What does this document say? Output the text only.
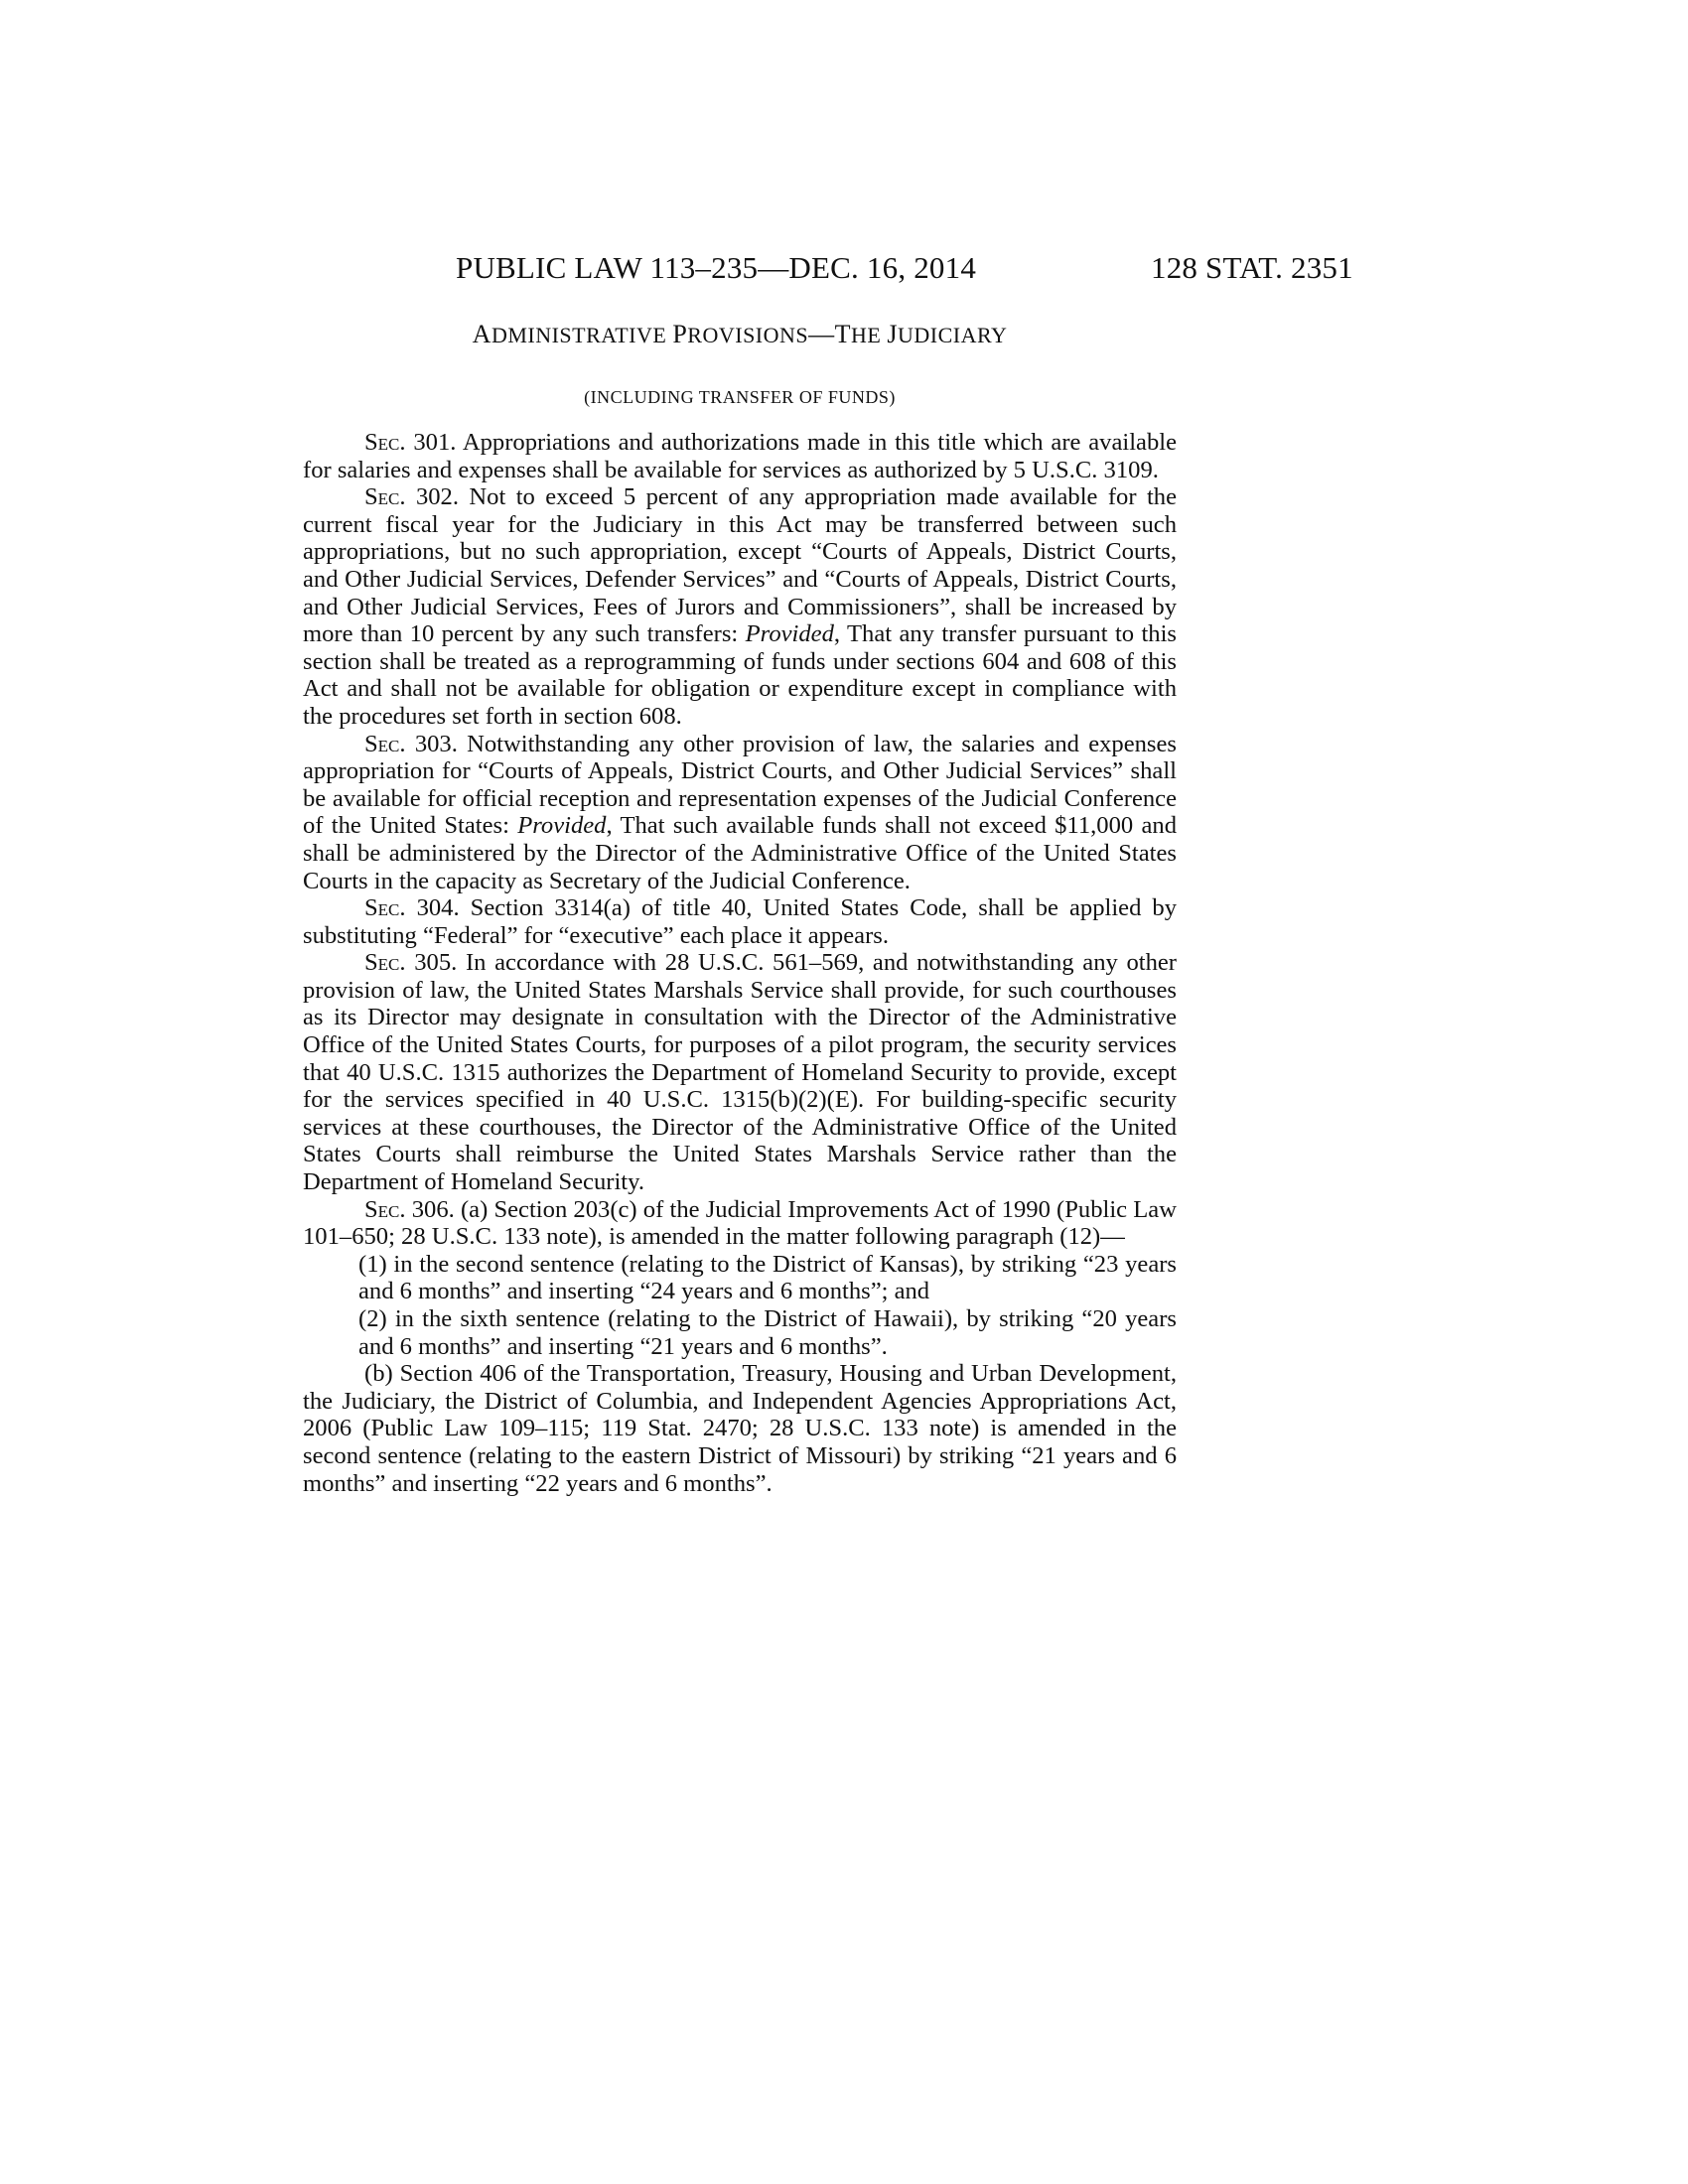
PUBLIC LAW 113–235—DEC. 16, 2014	128 STAT. 2351
ADMINISTRATIVE PROVISIONS—THE JUDICIARY
(INCLUDING TRANSFER OF FUNDS)

Sec. 301. Appropriations and authorizations made in this title which are available for salaries and expenses shall be available for services as authorized by 5 U.S.C. 3109.

Sec. 302. Not to exceed 5 percent of any appropriation made available for the current fiscal year for the Judiciary in this Act may be transferred between such appropriations, but no such appropriation, except “Courts of Appeals, District Courts, and Other Judicial Services, Defender Services” and “Courts of Appeals, District Courts, and Other Judicial Services, Fees of Jurors and Commissioners”, shall be increased by more than 10 percent by any such transfers: Provided, That any transfer pursuant to this section shall be treated as a reprogramming of funds under sections 604 and 608 of this Act and shall not be available for obligation or expenditure except in compliance with the procedures set forth in section 608.

Sec. 303. Notwithstanding any other provision of law, the salaries and expenses appropriation for “Courts of Appeals, District Courts, and Other Judicial Services” shall be available for official reception and representation expenses of the Judicial Conference of the United States: Provided, That such available funds shall not exceed $11,000 and shall be administered by the Director of the Administrative Office of the United States Courts in the capacity as Secretary of the Judicial Conference.

Sec. 304. Section 3314(a) of title 40, United States Code, shall be applied by substituting “Federal” for “executive” each place it appears.

Sec. 305. In accordance with 28 U.S.C. 561–569, and notwithstanding any other provision of law, the United States Marshals Service shall provide, for such courthouses as its Director may designate in consultation with the Director of the Administrative Office of the United States Courts, for purposes of a pilot program, the security services that 40 U.S.C. 1315 authorizes the Department of Homeland Security to provide, except for the services specified in 40 U.S.C. 1315(b)(2)(E). For building-specific security services at these courthouses, the Director of the Administrative Office of the United States Courts shall reimburse the United States Marshals Service rather than the Department of Homeland Security.

Sec. 306. (a) Section 203(c) of the Judicial Improvements Act of 1990 (Public Law 101–650; 28 U.S.C. 133 note), is amended in the matter following paragraph (12)—

(1) in the second sentence (relating to the District of Kansas), by striking “23 years and 6 months” and inserting “24 years and 6 months”; and

(2) in the sixth sentence (relating to the District of Hawaii), by striking “20 years and 6 months” and inserting “21 years and 6 months”.

(b) Section 406 of the Transportation, Treasury, Housing and Urban Development, the Judiciary, the District of Columbia, and Independent Agencies Appropriations Act, 2006 (Public Law 109–115; 119 Stat. 2470; 28 U.S.C. 133 note) is amended in the second sentence (relating to the eastern District of Missouri) by striking “21 years and 6 months” and inserting “22 years and 6 months”.
